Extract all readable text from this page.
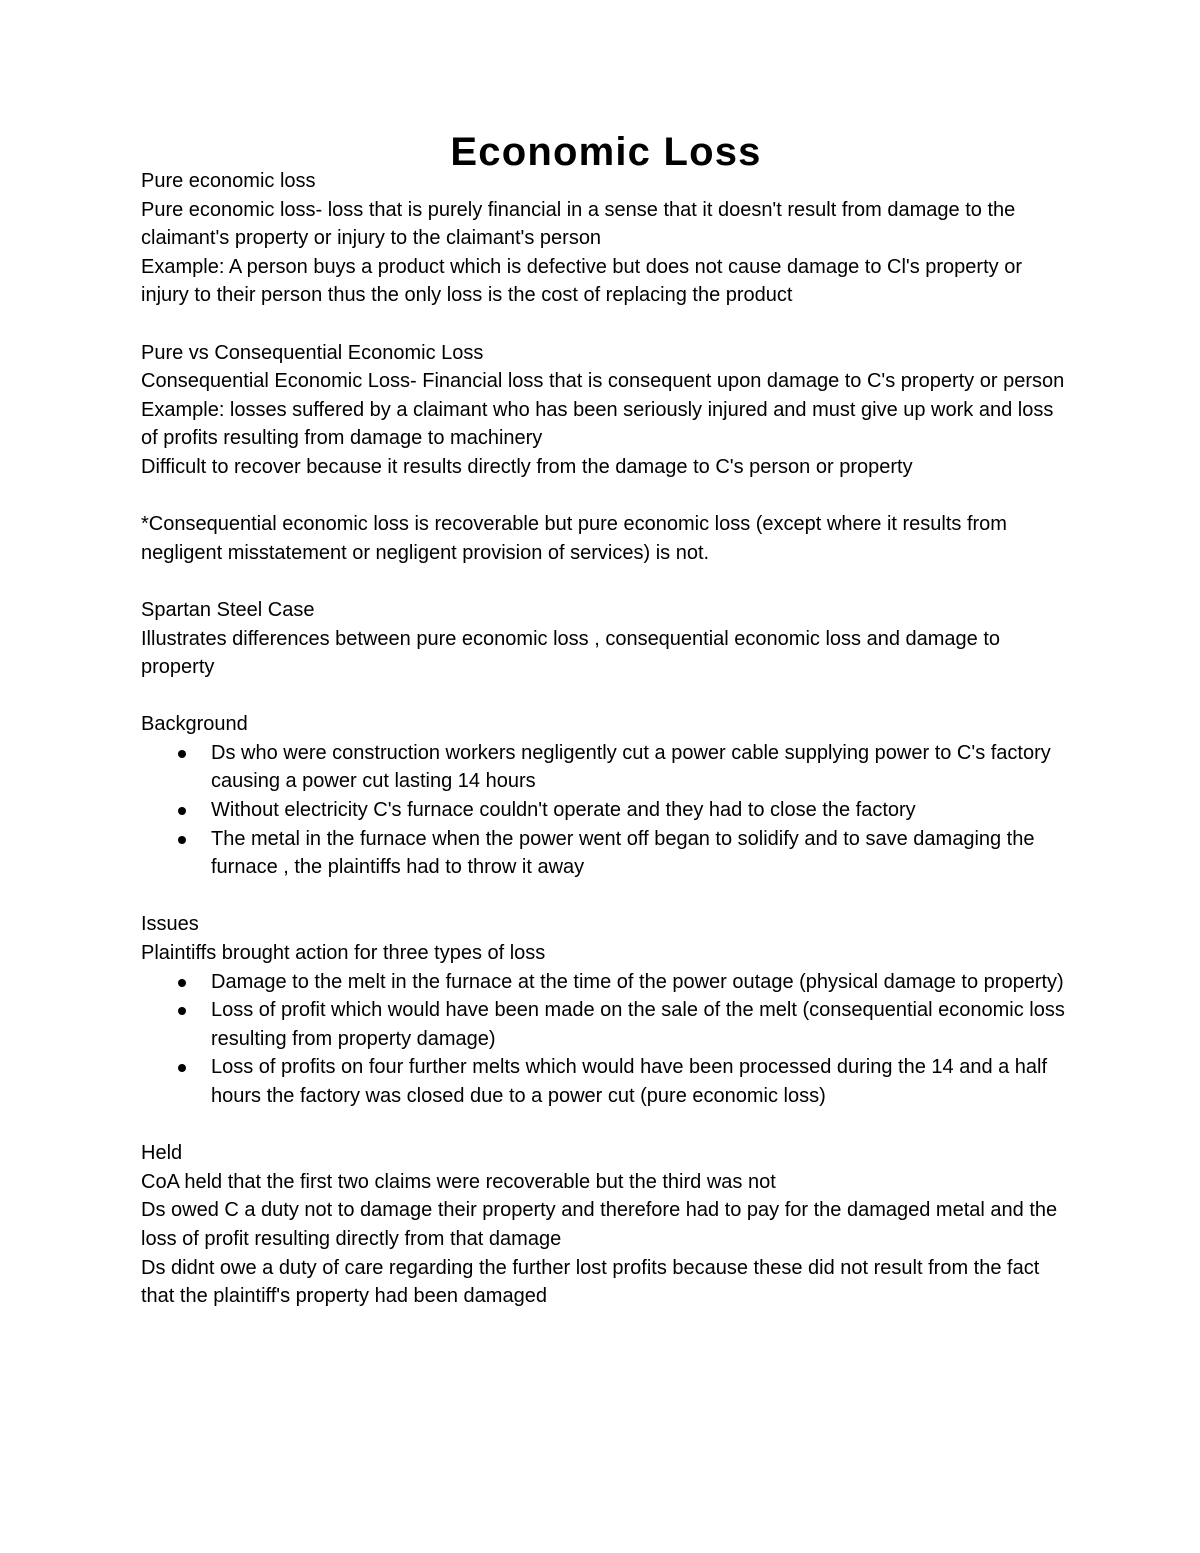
Economic Loss

Pure economic loss

Pure economic loss- loss that is purely financial in a sense that it doesn't result from damage to the claimant's property or injury to the claimant's person

Example: A person buys a product which is defective but does not cause damage to Cl's property or injury to their person thus the only loss is the cost of replacing the product

Pure vs Consequential Economic Loss

Consequential Economic Loss- Financial loss that is consequent upon damage to C's property or person

Example: losses suffered by a claimant who has been seriously injured and must give up work and loss of profits resulting from damage to machinery

Difficult to recover because it results directly from the damage to C's person or property

*Consequential economic loss is recoverable but pure economic loss (except where it results from negligent misstatement or negligent provision of services) is not.

Spartan Steel Case

Illustrates differences between pure economic loss , consequential economic loss and damage to property

Background

Ds who were construction workers negligently cut a power cable supplying power to C's factory causing a power cut lasting 14 hours
Without electricity C's furnace couldn't operate and they had to close the factory
The metal in the furnace when the power went off began to solidify and to save damaging the furnace , the plaintiffs had to throw it away

Issues

Plaintiffs brought action for three types of loss

Damage to the melt in the furnace at the time of the power outage (physical damage to property)
Loss of profit which would have been made on the sale of the melt (consequential economic loss resulting from property damage)
Loss of profits on four further melts which would have been processed during the 14 and a half hours the factory was closed due to a power cut (pure economic loss)

Held

CoA held that the first two claims were recoverable but the third was not

Ds owed C a duty not to damage their property and therefore had to pay for the damaged metal and the loss of profit resulting directly from that damage

Ds didnt owe a duty of care regarding the further lost profits because these did not result from the fact that the plaintiff's property had been damaged
